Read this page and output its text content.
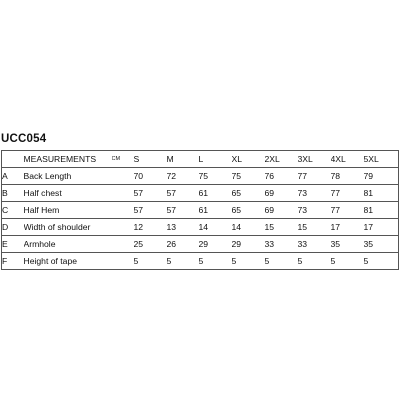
UCC054
	MEASUREMENTS	CM	S	M	L	XL	2XL	3XL	4XL	5XL
A	Back Length		70	72	75	75	76	77	78	79
B	Half chest		57	57	61	65	69	73	77	81
C	Half Hem		57	57	61	65	69	73	77	81
D	Width of shoulder		12	13	14	14	15	15	17	17
E	Armhole		25	26	29	29	33	33	35	35
F	Height of tape		5	5	5	5	5	5	5	5
